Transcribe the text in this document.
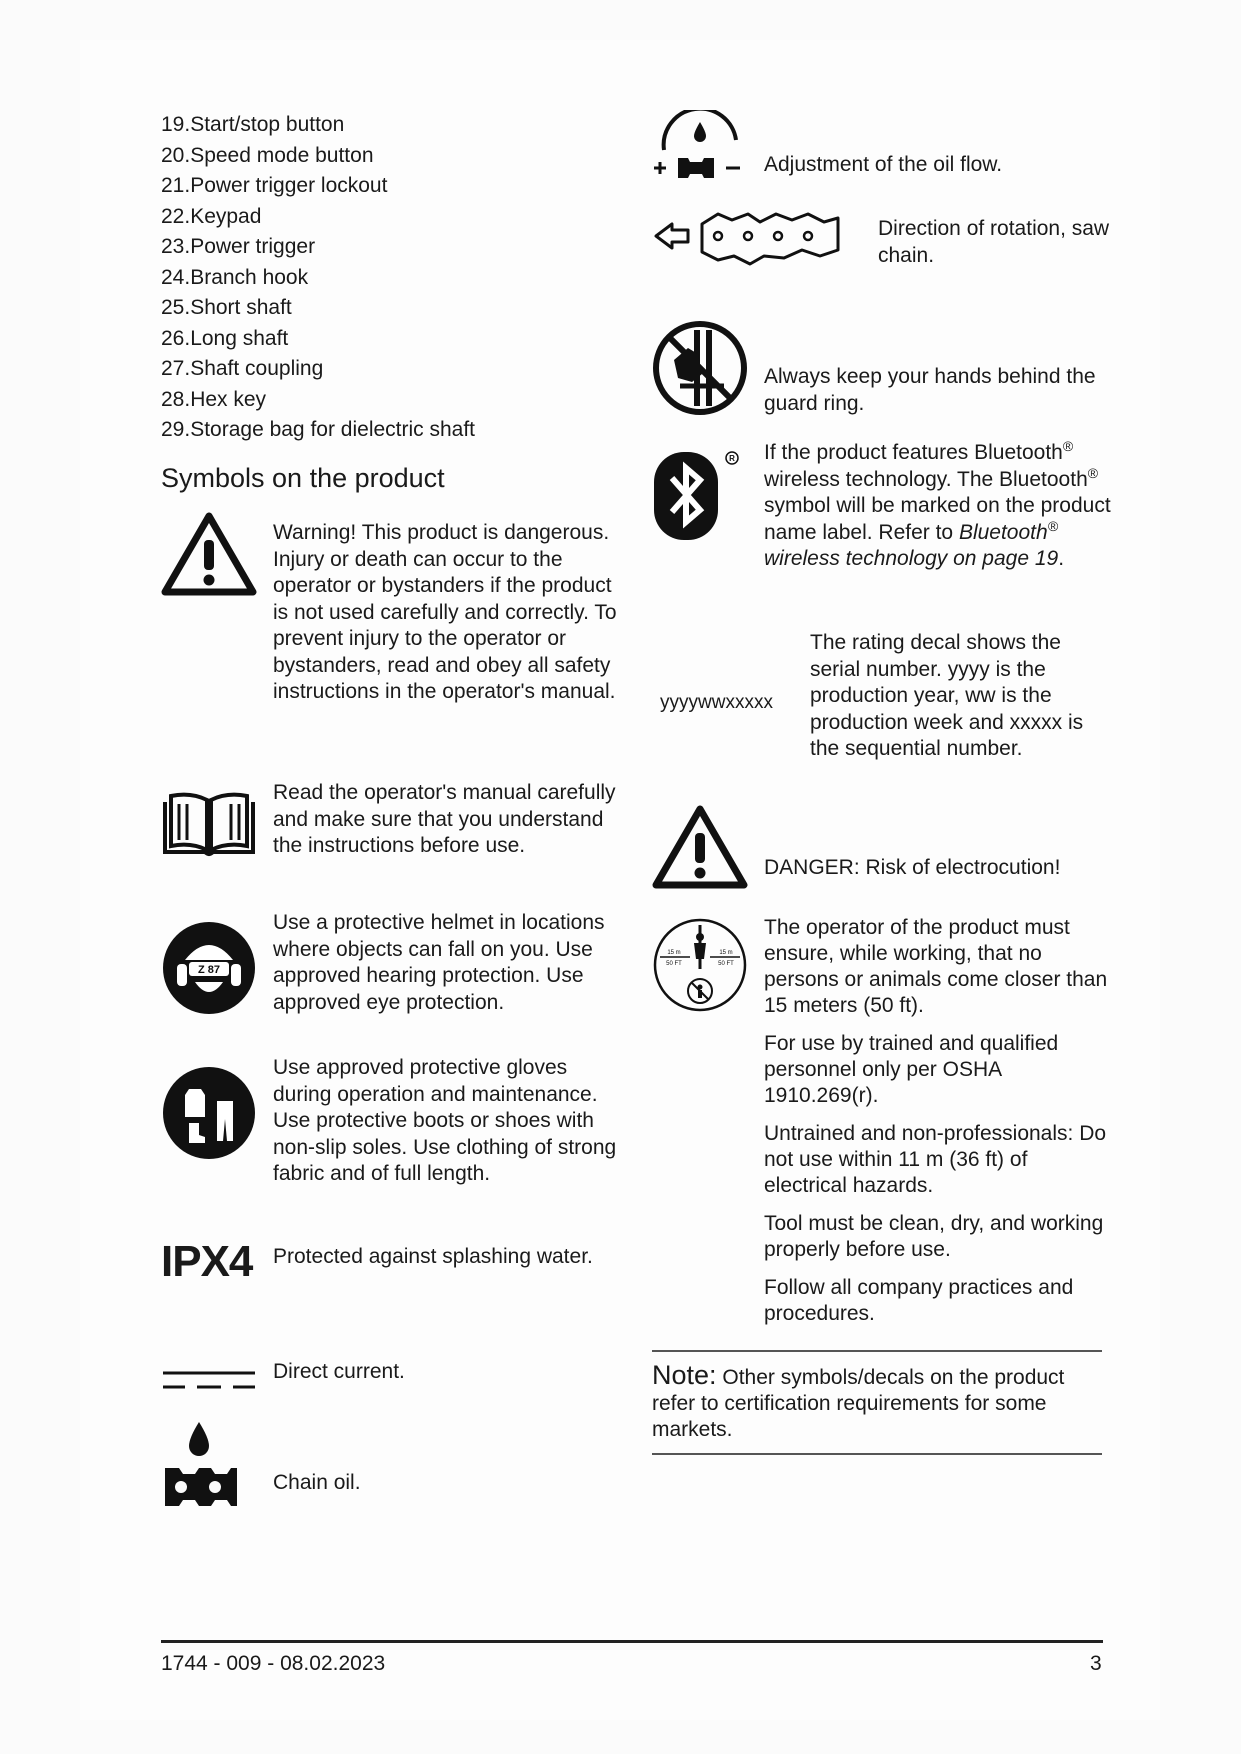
19.Start/stop button
20.Speed mode button
21.Power trigger lockout
22.Keypad
23.Power trigger
24.Branch hook
25.Short shaft
26.Long shaft
27.Shaft coupling
28.Hex key
29.Storage bag for dielectric shaft
Symbols on the product
Warning! This product is dangerous. Injury or death can occur to the operator or bystanders if the product is not used carefully and correctly. To prevent injury to the operator or bystanders, read and obey all safety instructions in the operator's manual.
Read the operator's manual carefully and make sure that you understand the instructions before use.
Z 87
Use a protective helmet in locations where objects can fall on you. Use approved hearing protection. Use approved eye protection.
Use approved protective gloves during operation and maintenance. Use protective boots or shoes with non-slip soles. Use clothing of strong fabric and of full length.
IPX4 Protected against splashing water.
Direct current.
Chain oil.
Adjustment of the oil flow.
Direction of rotation, saw chain.
Always keep your hands behind the guard ring.
R If the product features Bluetooth® wireless technology. The Bluetooth® symbol will be marked on the product name label. Refer to Bluetooth® wireless technology on page 19.
yyyywwxxxxx
The rating decal shows the serial number. yyyy is the production year, ww is the production week and xxxxx is the sequential number.
DANGER: Risk of electrocution!
15 m
50 FT
15 m
50 FT

The operator of the product must ensure, while working, that no persons or animals come closer than 15 meters (50 ft).

For use by trained and qualified personnel only per OSHA 1910.269(r).

Untrained and non-professionals: Do not use within 11 m (36 ft) of electrical hazards.

Tool must be clean, dry, and working properly before use.

Follow all company practices and procedures.

Note: Other symbols/decals on the product refer to certification requirements for some markets.
1744 - 009 - 08.02.2023	3
